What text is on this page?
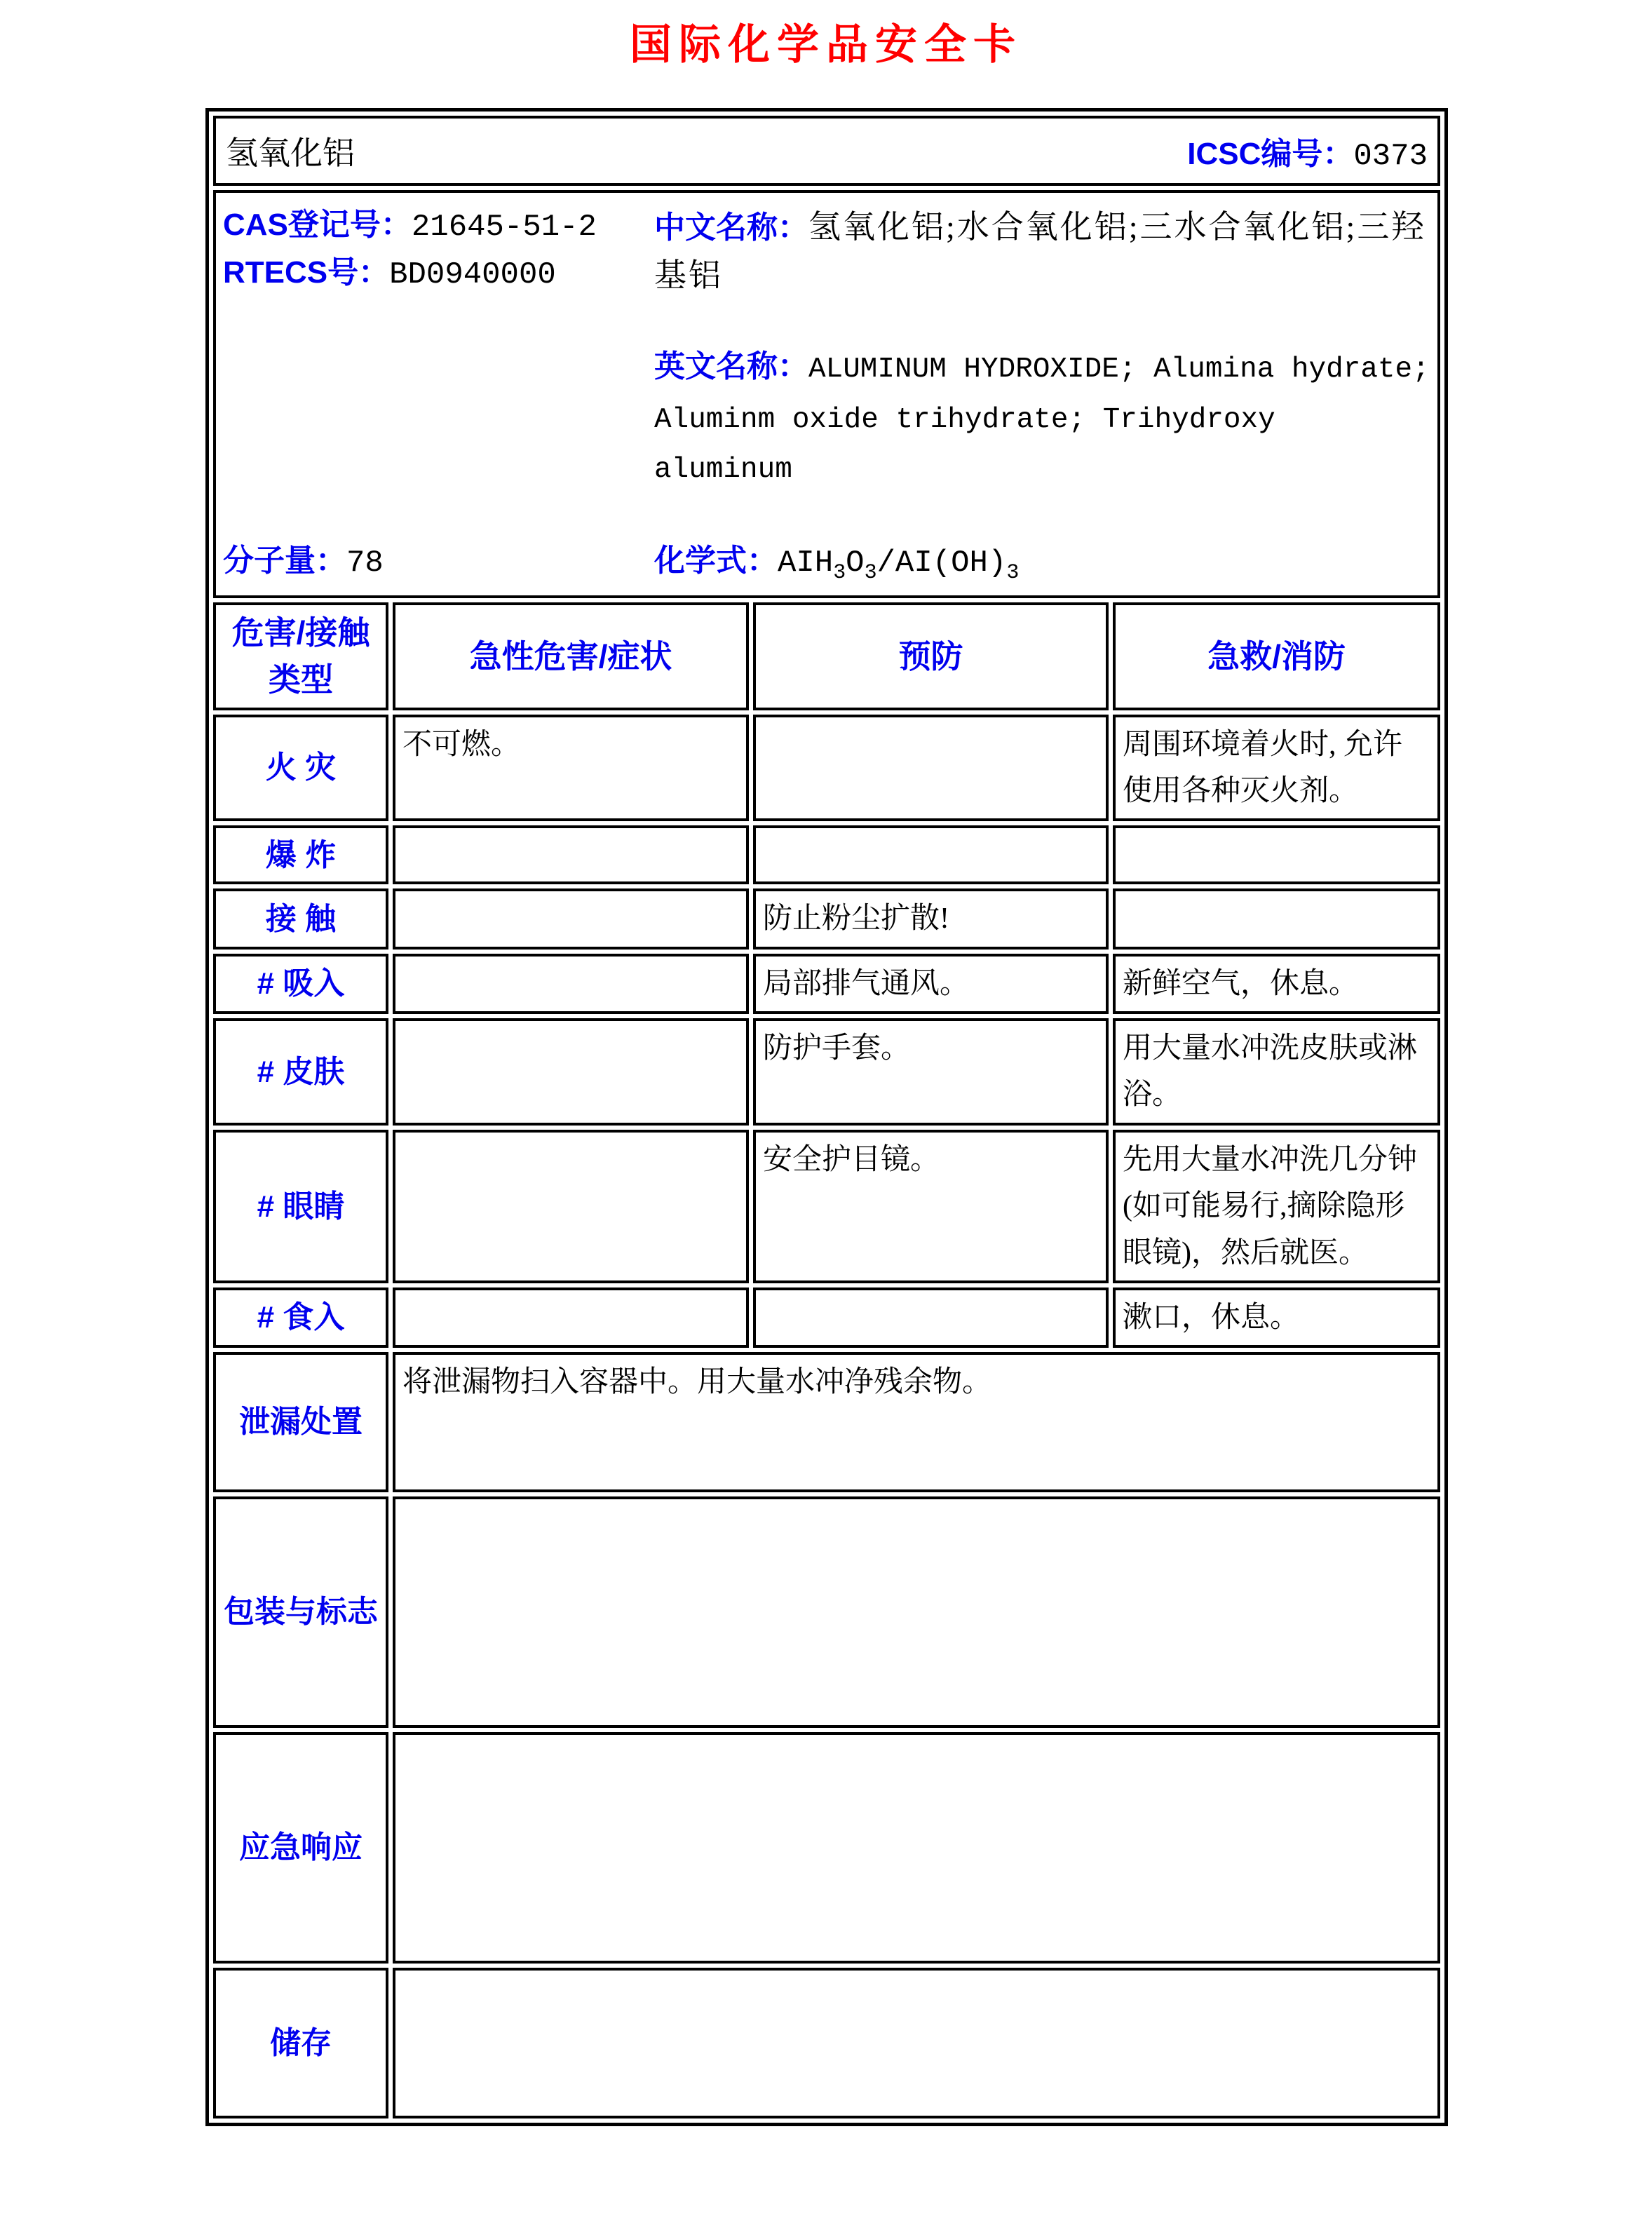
国际化学品安全卡
氢氧化铝 ICSC编号：0373			

CAS登记号：21645-51-2
RTECS号：BD0940000

中文名称：氢氧化铝;水合氧化铝;三水合氧化铝;三羟基铝

英文名称：ALUMINUM HYDROXIDE; Alumina hydrate; Aluminm oxide trihydrate; Trihydroxy aluminum

分子量：78	化学式：$AIH_3O_3/AI(OH)_3$

危害/接触类型	急性危害/症状	预防	急救/消防
火 灾	不可燃。		周围环境着火时, 允许使用各种灭火剂。
爆 炸			
接 触		防止粉尘扩散!	
# 吸入		局部排气通风。	新鲜空气，休息。
# 皮肤		防护手套。	用大量水冲洗皮肤或淋浴。
# 眼睛		安全护目镜。	先用大量水冲洗几分钟 (如可能易行,摘除隐形眼镜)，然后就医。
# 食入			漱口，休息。
泄漏处置	将泄漏物扫入容器中。用大量水冲净残余物。		
包装与标志			
应急响应			
储存			
